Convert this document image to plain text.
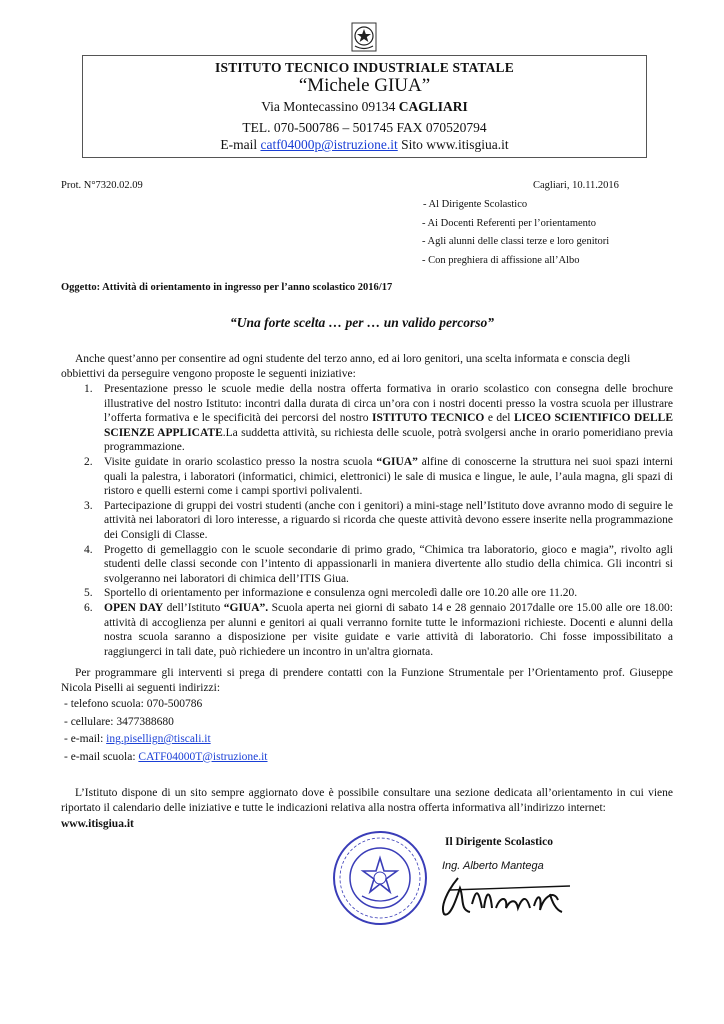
ISTITUTO TECNICO INDUSTRIALE STATALE
“Michele GIUA”
Via Montecassino 09134 CAGLIARI
TEL. 070-500786 – 501745 FAX 070520794
E-mail catf04000p@istruzione.it Sito www.itisgiua.it
Prot. N°7320.02.09	Cagliari, 10.11.2016
- Al Dirigente Scolastico
- Ai Docenti Referenti per l’orientamento
- Agli alunni delle classi terze e loro genitori
- Con preghiera di affissione all’Albo
Oggetto: Attività di orientamento in ingresso per l’anno scolastico 2016/17
“Una forte scelta … per … un valido percorso”
Anche quest’anno per consentire ad ogni studente del terzo anno, ed ai loro genitori, una scelta informata e conscia degli obbiettivi da perseguire vengono proposte le seguenti iniziative:
1. Presentazione presso le scuole medie della nostra offerta formativa in orario scolastico con consegna delle brochure illustrative del nostro Istituto: incontri dalla durata di circa un’ora con i nostri docenti presso la vostra scuola per illustrare l’offerta formativa e le specificità dei percorsi del nostro ISTITUTO TECNICO e del LICEO SCIENTIFICO DELLE SCIENZE APPLICATE.La suddetta attività, su richiesta delle scuole, potrà svolgersi anche in orario pomeridiano previa programmazione.
2. Visite guidate in orario scolastico presso la nostra scuola “GIUA” alfine di conoscerne la struttura nei suoi spazi interni quali la palestra, i laboratori (informatici, chimici, elettronici) le sale di musica e lingue, le aule, l’aula magna, gli spazi di ristoro e quelli esterni come i campi sportivi polivalenti.
3. Partecipazione di gruppi dei vostri studenti (anche con i genitori) a mini-stage nell’Istituto dove avranno modo di seguire le attività nei laboratori di loro interesse, a riguardo si ricorda che queste attività devono essere inserite nella programmazione dei Consigli di Classe.
4. Progetto di gemellaggio con le scuole secondarie di primo grado, “Chimica tra laboratorio, gioco e magia”, rivolto agli studenti delle classi seconde con l’intento di appassionarli in maniera divertente allo studio della chimica. Gli incontri si svolgeranno nei laboratori di chimica dell’ITIS Giua.
5. Sportello di orientamento per informazione e consulenza ogni mercoledì dalle ore 10.20 alle ore 11.20.
6. OPEN DAY dell’Istituto “GIUA”. Scuola aperta nei giorni di sabato 14 e 28 gennaio 2017dalle ore 15.00 alle ore 18.00: attività di accoglienza per alunni e genitori ai quali verranno fornite tutte le informazioni richieste. Docenti e alunni della nostra scuola saranno a disposizione per visite guidate e varie attività di laboratorio. Chi fosse impossibilitato a raggiungerci in tali date, può richiedere un incontro in un'altra giornata.
Per programmare gli interventi si prega di prendere contatti con la Funzione Strumentale per l’Orientamento prof. Giuseppe Nicola Piselli ai seguenti indirizzi:
- telefono scuola: 070-500786
- cellulare: 3477388680
- e-mail: ing.pisellign@tiscali.it
- e-mail scuola: CATF04000T@istruzione.it
L’Istituto dispone di un sito sempre aggiornato dove è possibile consultare una sezione dedicata all’orientamento in cui viene riportato il calendario delle iniziative e tutte le indicazioni relativa alla nostra offerta informativa all’indirizzo internet:
www.itisgiua.it
Il Dirigente Scolastico
Ing. Alberto Mantega
